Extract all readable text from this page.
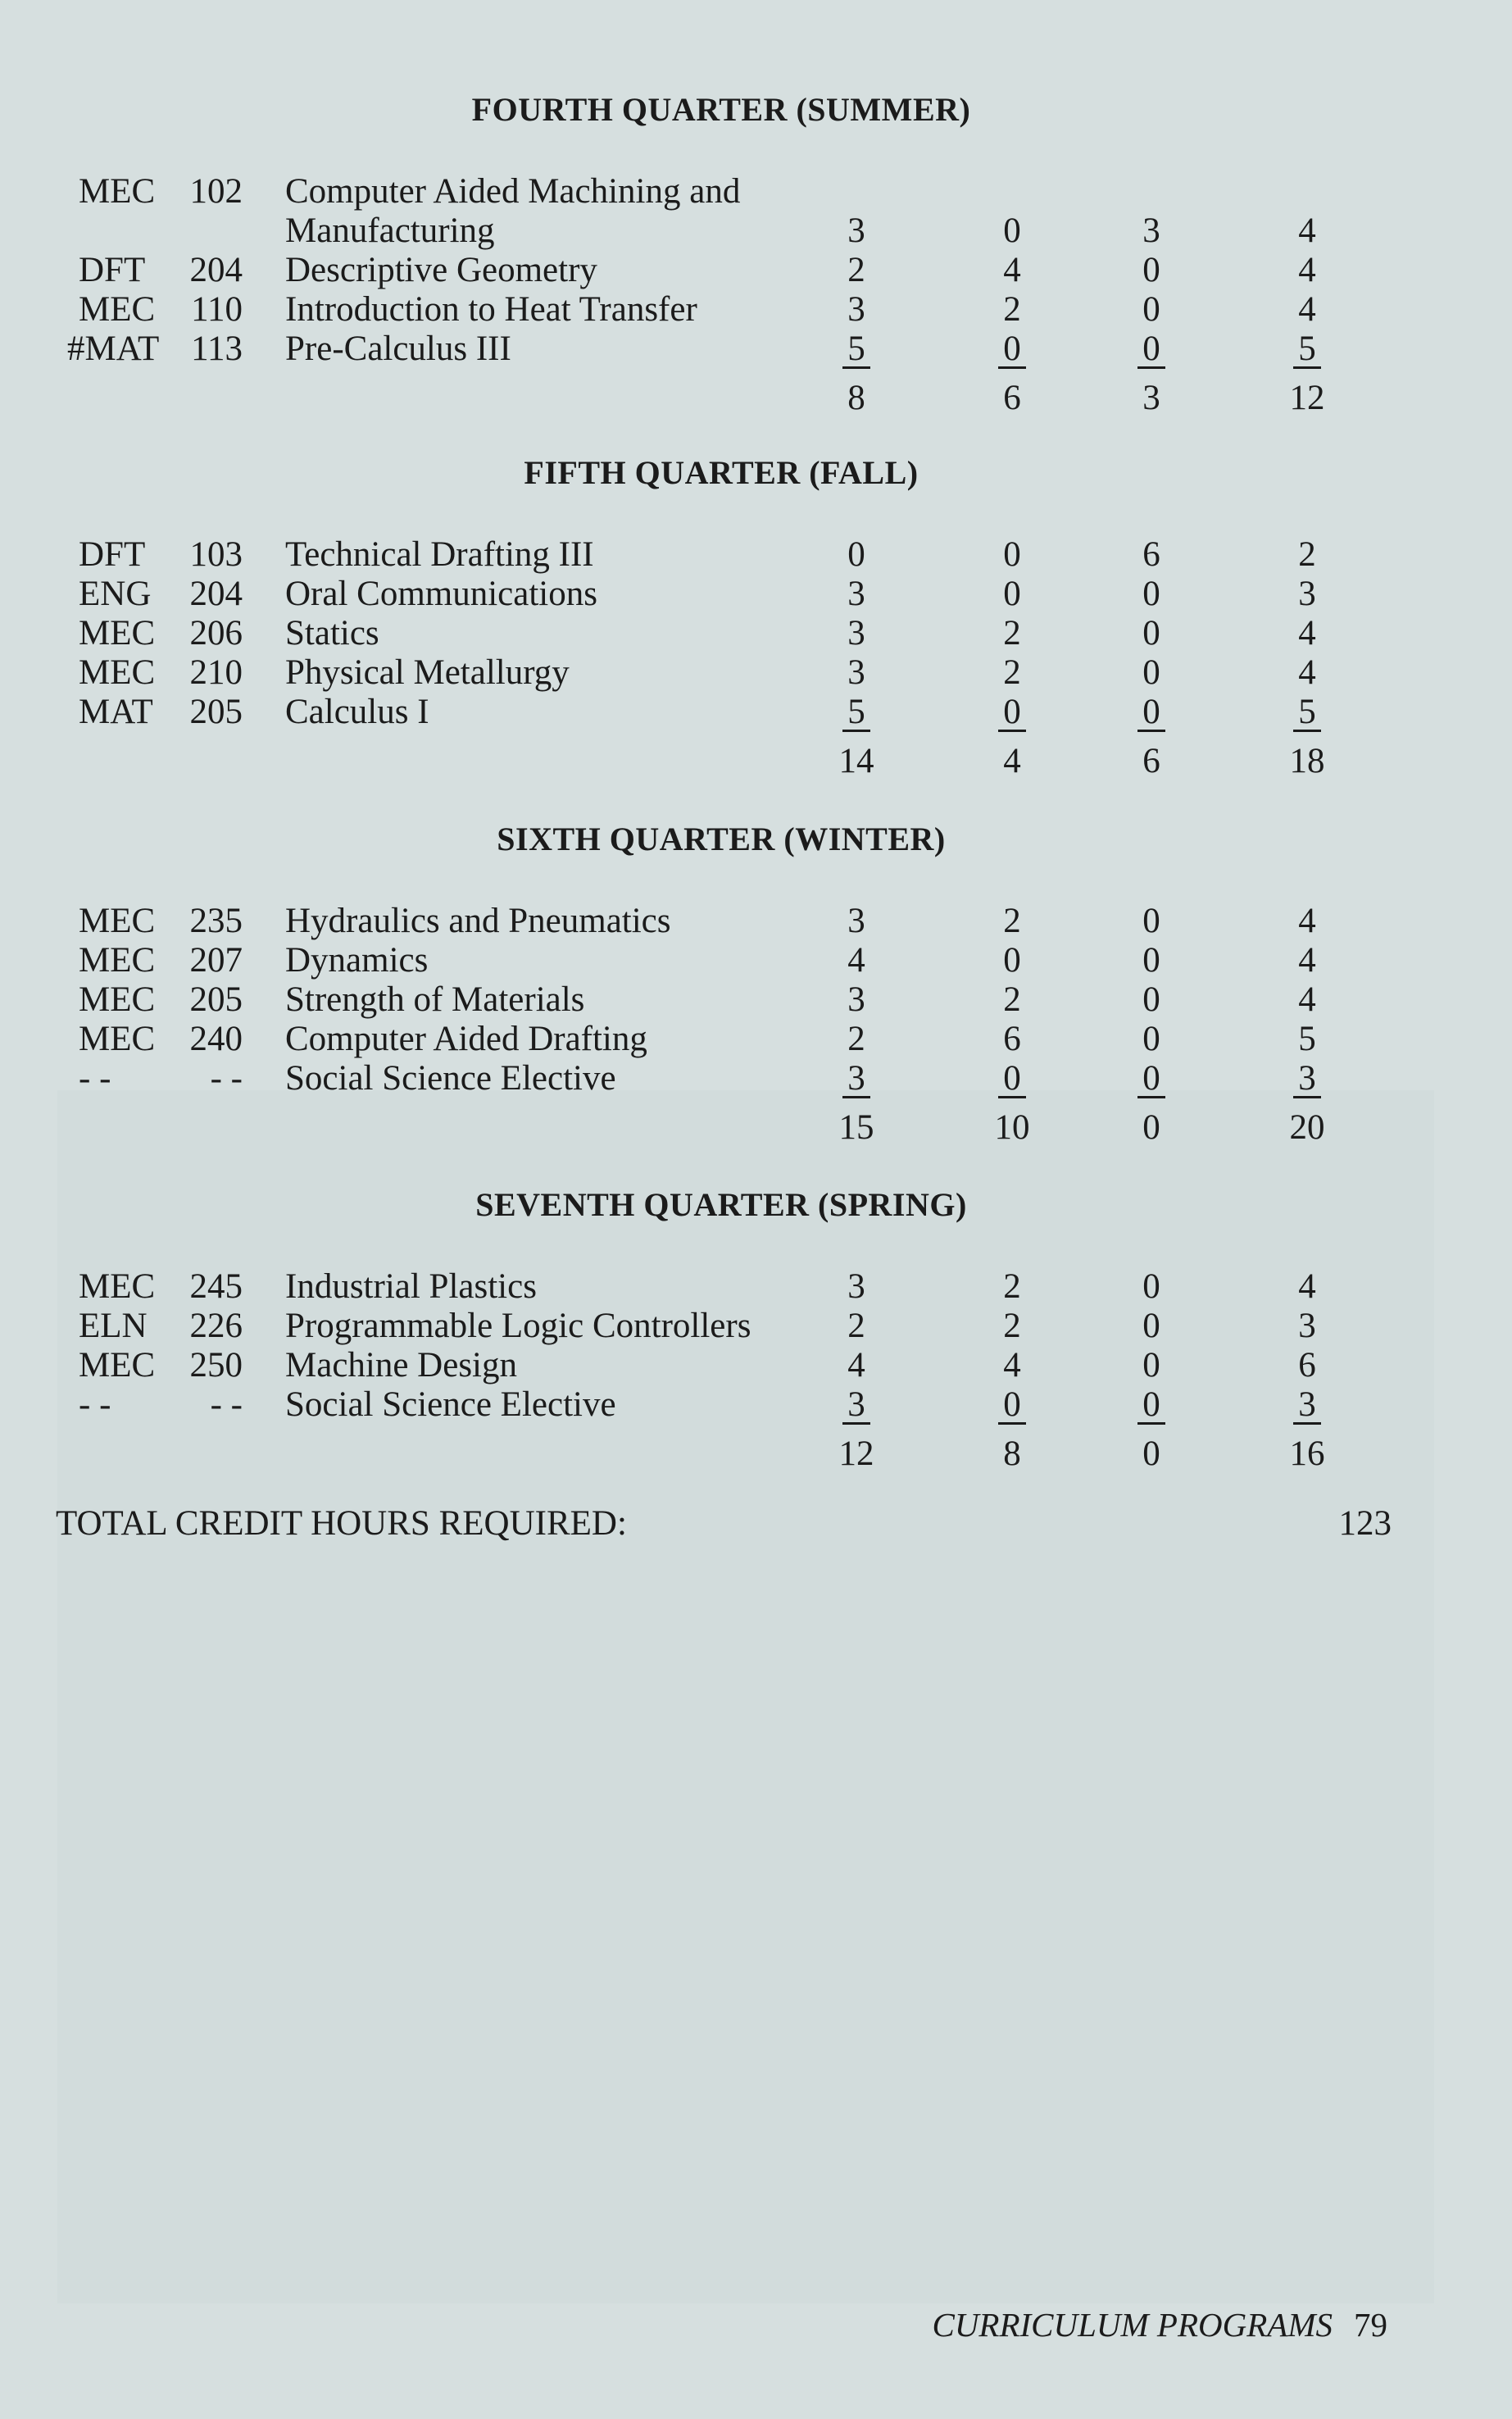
FOURTH QUARTER (SUMMER)
MEC 102 Computer Aided Machining and
Manufacturing	3	0	3	4
DFT	204 Descriptive Geometry	2	4	0	4
MEC	110 Introduction to Heat Transfer	3	2	0	4
#MAT 113 Pre-Calculus III	5	0	0	5
8	6	3	12
FIFTH QUARTER (FALL)
DFT	103 Technical Drafting III	0	0	6	2
ENG	204 Oral Communications	3	0	0	3
MEC 206 Statics	3	2	0	4
MEC 210 Physical Metallurgy	3	2	0	4
MAT	205 Calculus I	5	0	0	5
14	4	6	18
SIXTH QUARTER (WINTER)
MEC 235 Hydraulics and Pneumatics	3	2	0	4
MEC 207 Dynamics	4	0	0	4
MEC 205 Strength of Materials	3	2	0	4
MEC 240 Computer Aided Drafting	2	6	0	5
- -	- - Social Science Elective	3	0	0	3
15	10	0	20
SEVENTH QUARTER (SPRING)
MEC 245 Industrial Plastics	3	2	0	4
ELN	226 Programmable Logic Controllers	2	2	0	3
MEC 250 Machine Design	4	4	0	6
- -	- - Social Science Elective	3	0	0	3
12	8	0	16
TOTAL CREDIT HOURS REQUIRED:	123
CURRICULUM PROGRAMS 79
